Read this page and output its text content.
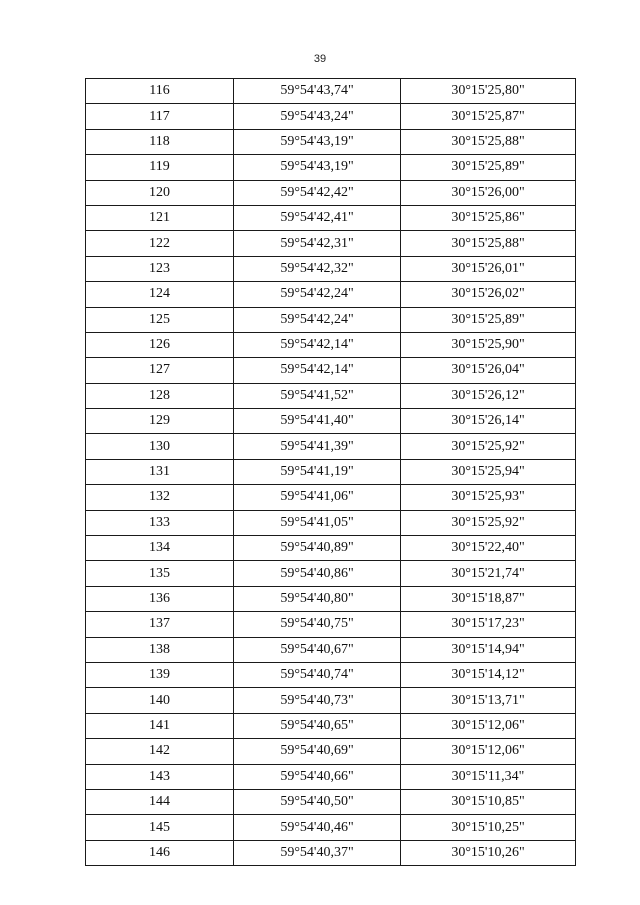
39
116	59°54'43,74"	30°15'25,80"
117	59°54'43,24"	30°15'25,87"
118	59°54'43,19"	30°15'25,88"
119	59°54'43,19"	30°15'25,89"
120	59°54'42,42"	30°15'26,00"
121	59°54'42,41"	30°15'25,86"
122	59°54'42,31"	30°15'25,88"
123	59°54'42,32"	30°15'26,01"
124	59°54'42,24"	30°15'26,02"
125	59°54'42,24"	30°15'25,89"
126	59°54'42,14"	30°15'25,90"
127	59°54'42,14"	30°15'26,04"
128	59°54'41,52"	30°15'26,12"
129	59°54'41,40"	30°15'26,14"
130	59°54'41,39"	30°15'25,92"
131	59°54'41,19"	30°15'25,94"
132	59°54'41,06"	30°15'25,93"
133	59°54'41,05"	30°15'25,92"
134	59°54'40,89"	30°15'22,40"
135	59°54'40,86"	30°15'21,74"
136	59°54'40,80"	30°15'18,87"
137	59°54'40,75"	30°15'17,23"
138	59°54'40,67"	30°15'14,94"
139	59°54'40,74"	30°15'14,12"
140	59°54'40,73"	30°15'13,71"
141	59°54'40,65"	30°15'12,06"
142	59°54'40,69"	30°15'12,06"
143	59°54'40,66"	30°15'11,34"
144	59°54'40,50"	30°15'10,85"
145	59°54'40,46"	30°15'10,25"
146	59°54'40,37"	30°15'10,26"
